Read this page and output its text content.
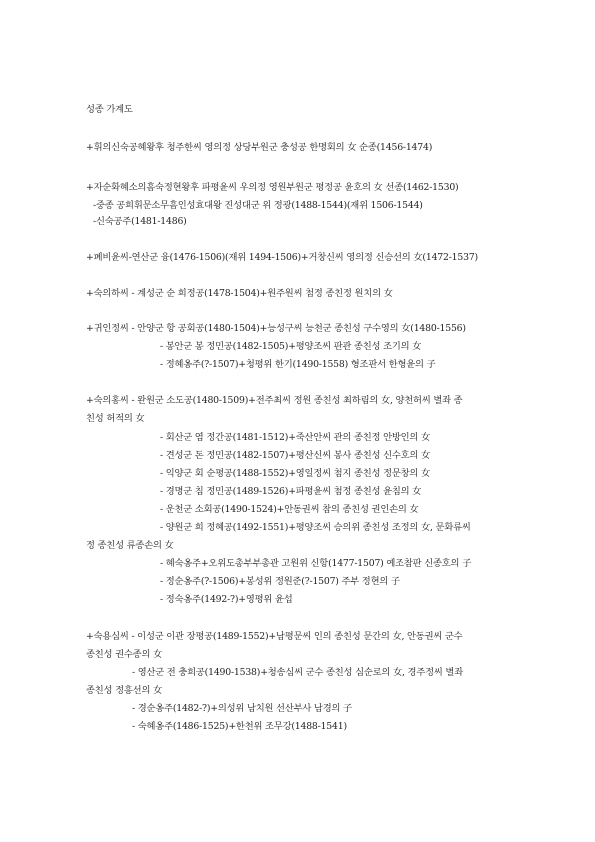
성종 가계도
+휘의신숙공혜왕후 청주한씨 영의정 상당부원군 충성공 한명회의 女 순종(1456-1474)
+자순화혜소의흠숙정현왕후 파평윤씨 우의정 영원부원군 평정공 윤호의 女 선종(1462-1530)
-중종 공희휘문소무흠인성효대왕 진성대군 위 정광(1488-1544)(재위 1506-1544)
-신숙공주(1481-1486)
+폐비윤씨-연산군 융(1476-1506)(재위 1494-1506)+거창신씨 영의정 신승선의 女(1472-1537)
+숙의하씨 - 계성군 순 희정공(1478-1504)+원주원씨 첨정 종친정 원치의 女
+귀인정씨 - 안양군 항 공회공(1480-1504)+능성구씨 능천군 종친성 구수영의 女(1480-1556)
- 봉안군 봉 정민공(1482-1505)+평양조씨 판관 종친성 조기의 女
- 정혜옹주(?-1507)+청평위 한기(1490-1558) 형조판서 한형윤의 子
+숙의홍씨 - 완원군 소도공(1480-1509)+전주최씨 정원 종친성 최하림의 女, 양천허씨 별좌 종
친성 허적의 女
- 회산군 염 정간공(1481-1512)+죽산안씨 관의 종친정 안방인의 女
- 견성군 돈 정민공(1482-1507)+평산신씨 봉사 종친성 신수호의 女
- 익양군 회 순평공(1488-1552)+영일정씨 첨지 종친성 정문창의 女
- 경명군 침 정민공(1489-1526)+파평윤씨 첨정 종친성 윤침의 女
- 운천군 소회공(1490-1524)+안동권씨 참의 종친성 권인손의 女
- 양원군 희 정혜공(1492-1551)+평양조씨 승의위 종친성 조정의 女, 문화류씨
정 종친성 류종손의 女
- 혜숙옹주+오위도총부부총관 고원위 신항(1477-1507) 예조참판 신종호의 子
- 정순옹주(?-1506)+봉성위 정원준(?-1507) 주부 정현의 子
- 정숙옹주(1492-?)+영평위 윤섭
+숙용심씨 - 이성군 이관 장평공(1489-1552)+남평문씨 인의 종친성 문간의 女, 안동권씨 군수
종친성 권수종의 女
- 영산군 전 충희공(1490-1538)+청송심씨 군수 종친성 심순로의 女, 경주정씨 별좌
종친성 정흥선의 女
- 경순옹주(1482-?)+의성위 남치원 선산부사 남경의 子
- 숙혜옹주(1486-1525)+한천위 조무강(1488-1541)
